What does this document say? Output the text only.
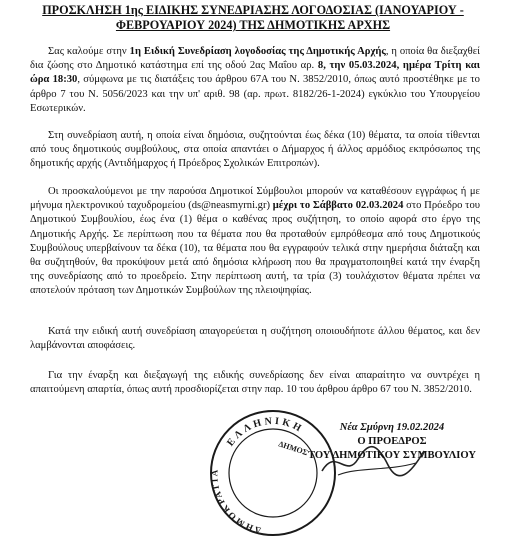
ΠΡΟΣΚΛΗΣΗ 1ης ΕΙΔΙΚΗΣ ΣΥΝΕΔΡΙΑΣΗΣ ΛΟΓΟΔΟΣΙΑΣ (ΙΑΝΟΥΑΡΙΟΥ - ΦΕΒΡΟΥΑΡΙΟΥ 2024) ΤΗΣ ΔΗΜΟΤΙΚΗΣ ΑΡΧΗΣ

Σας καλούμε στην 1η Ειδική Συνεδρίαση λογοδοσίας της Δημοτικής Αρχής, η οποία θα διεξαχθεί δια ζώσης στο Δημοτικό κατάστημα επί της οδού 2ας Μαΐου αρ. 8, την 05.03.2024, ημέρα Τρίτη και ώρα 18:30, σύμφωνα με τις διατάξεις του άρθρου 67Α του Ν. 3852/2010, όπως αυτό προστέθηκε με το άρθρο 7 του Ν. 5056/2023 και την υπ' αριθ. 98 (αρ. πρωτ. 8182/26-1-2024) εγκύκλιο του Υπουργείου Εσωτερικών.

Στη συνεδρίαση αυτή, η οποία είναι δημόσια, συζητούνται έως δέκα (10) θέματα, τα οποία τίθενται από τους δημοτικούς συμβούλους, στα οποία απαντάει ο Δήμαρχος ή άλλος αρμόδιος εκπρόσωπος της δημοτικής αρχής (Αντιδήμαρχος ή Πρόεδρος Σχολικών Επιτροπών).

Οι προσκαλούμενοι με την παρούσα Δημοτικοί Σύμβουλοι μπορούν να καταθέσουν εγγράφως ή με μήνυμα ηλεκτρονικού ταχυδρομείου (ds@neasmyrni.gr) μέχρι το Σάββατο 02.03.2024 στο Πρόεδρο του Δημοτικού Συμβουλίου, έως ένα (1) θέμα ο καθένας προς συζήτηση, το οποίο αφορά στο έργο της Δημοτικής Αρχής. Σε περίπτωση που τα θέματα που θα προταθούν εμπρόθεσμα από τους Δημοτικούς Συμβούλους υπερβαίνουν τα δέκα (10), τα θέματα που θα εγγραφούν τελικά στην ημερήσια διάταξη και θα συζητηθούν, θα προκύψουν μετά από δημόσια κλήρωση που θα πραγματοποιηθεί κατά την έναρξη της συνεδρίασης από το προεδρείο. Στην περίπτωση αυτή, τα τρία (3) τουλάχιστον θέματα πρέπει να αποτελούν πρόταση των Δημοτικών Συμβούλων της πλειοψηφίας.

Κατά την ειδική αυτή συνεδρίαση απαγορεύεται η συζήτηση οποιουδήποτε άλλου θέματος, και δεν λαμβάνονται αποφάσεις.

Για την έναρξη και διεξαγωγή της ειδικής συνεδρίασης δεν είναι απαραίτητο να συντρέχει η απαιτούμενη απαρτία, όπως αυτή προσδιορίζεται στην παρ. 10 του άρθρου άρθρο 67 του Ν. 3852/2010.

ΕΛΛΗΝΙΚΗ
ΔΗΜΟΚΡΑΤΙΑ
ΔΗΜΟΣ
Νέα Σμύρνη 19.02.2024
Ο ΠΡΟΕΔΡΟΣ
ΤΟΥ ΔΗΜΟΤΙΚΟΥ ΣΥΜΒΟΥΛΙΟΥ
